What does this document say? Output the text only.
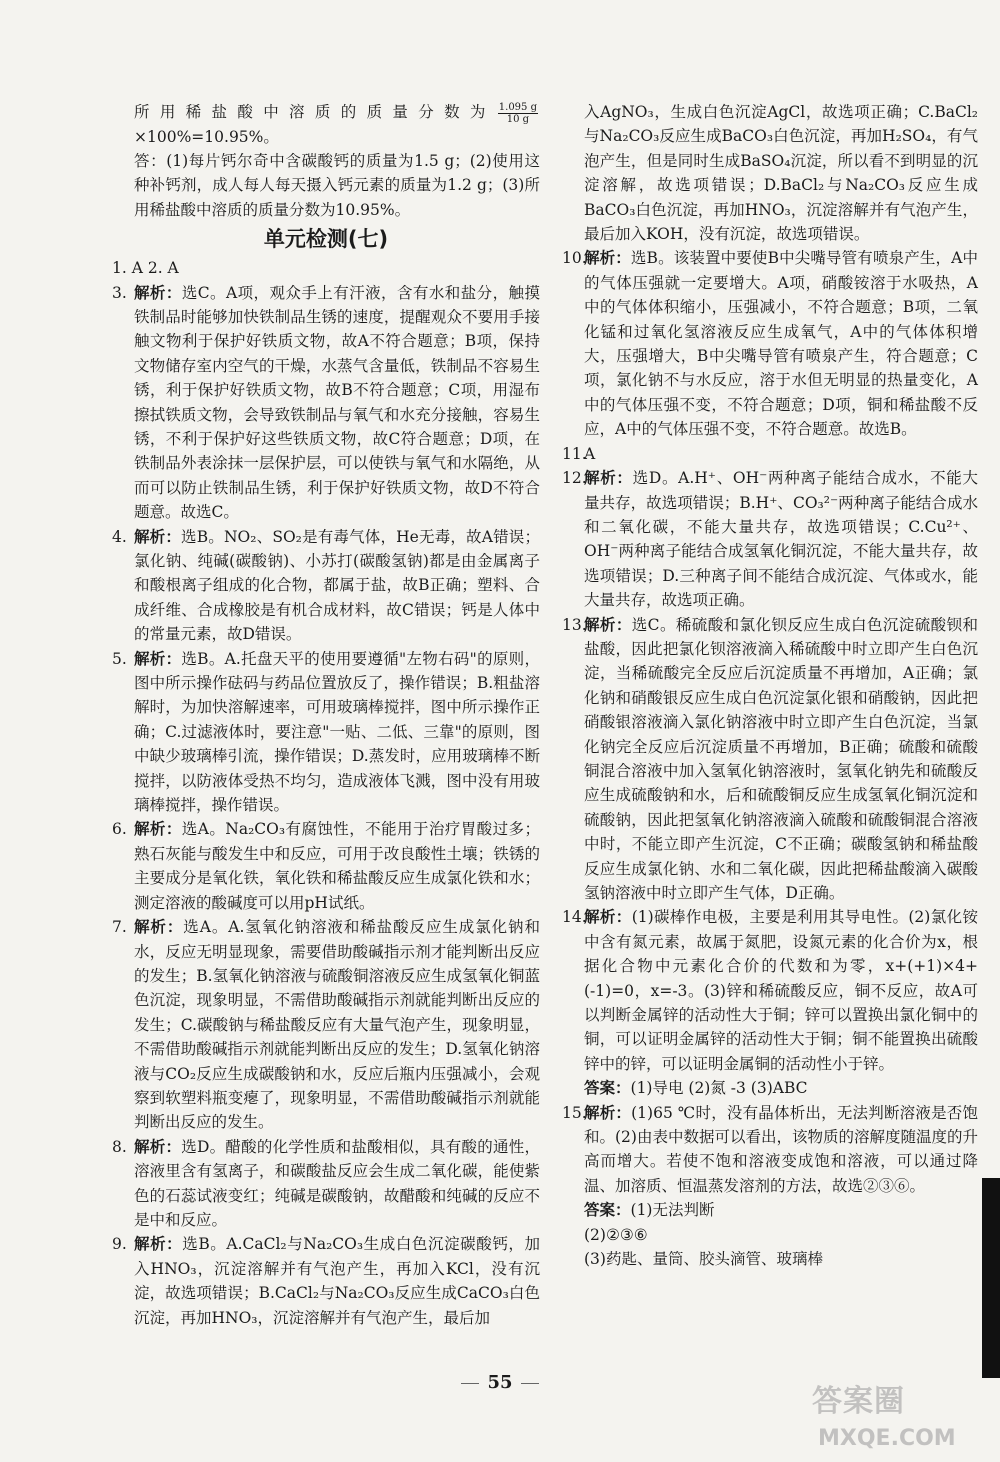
所用稀盐酸中溶质的质量分数为 $\frac{1.095 g}{10 g}$
×100%=10.95%。

答：(1)每片钙尔奇中含碳酸钙的质量为1.5 g；(2)使用这种补钙剂，成人每人每天摄入钙元素的质量为1.2 g；(3)所用稀盐酸中溶质的质量分数为10.95%。

单元检测(七)

1. A 2. A

3. 解析：选C。A项，观众手上有汗液，含有水和盐分，触摸铁制品时能够加快铁制品生锈的速度，提醒观众不要用手接触文物利于保护好铁质文物，故A不符合题意；B项，保持文物储存室内空气的干燥，水蒸气含量低，铁制品不容易生锈，利于保护好铁质文物，故B不符合题意；C项，用湿布擦拭铁质文物，会导致铁制品与氧气和水充分接触，容易生锈，不利于保护好这些铁质文物，故C符合题意；D项，在铁制品外表涂抹一层保护层，可以使铁与氧气和水隔绝，从而可以防止铁制品生锈，利于保护好铁质文物，故D不符合题意。故选C。
4. 解析：选B。NO₂、SO₂是有毒气体，He无毒，故A错误；氯化钠、纯碱(碳酸钠)、小苏打(碳酸氢钠)都是由金属离子和酸根离子组成的化合物，都属于盐，故B正确；塑料、合成纤维、合成橡胶是有机合成材料，故C错误；钙是人体中的常量元素，故D错误。
5. 解析：选B。A.托盘天平的使用要遵循"左物右码"的原则，图中所示操作砝码与药品位置放反了，操作错误；B.粗盐溶解时，为加快溶解速率，可用玻璃棒搅拌，图中所示操作正确；C.过滤液体时，要注意"一贴、二低、三靠"的原则，图中缺少玻璃棒引流，操作错误；D.蒸发时，应用玻璃棒不断搅拌，以防液体受热不均匀，造成液体飞溅，图中没有用玻璃棒搅拌，操作错误。
6. 解析：选A。Na₂CO₃有腐蚀性，不能用于治疗胃酸过多；熟石灰能与酸发生中和反应，可用于改良酸性土壤；铁锈的主要成分是氧化铁，氧化铁和稀盐酸反应生成氯化铁和水；测定溶液的酸碱度可以用pH试纸。
7. 解析：选A。A.氢氧化钠溶液和稀盐酸反应生成氯化钠和水，反应无明显现象，需要借助酸碱指示剂才能判断出反应的发生；B.氢氧化钠溶液与硫酸铜溶液反应生成氢氧化铜蓝色沉淀，现象明显，不需借助酸碱指示剂就能判断出反应的发生；C.碳酸钠与稀盐酸反应有大量气泡产生，现象明显，不需借助酸碱指示剂就能判断出反应的发生；D.氢氧化钠溶液与CO₂反应生成碳酸钠和水，反应后瓶内压强减小，会观察到软塑料瓶变瘪了，现象明显，不需借助酸碱指示剂就能判断出反应的发生。
8. 解析：选D。醋酸的化学性质和盐酸相似，具有酸的通性，溶液里含有氢离子，和碳酸盐反应会生成二氧化碳，能使紫色的石蕊试液变红；纯碱是碳酸钠，故醋酸和纯碱的反应不是中和反应。
9. 解析：选B。A.CaCl₂与Na₂CO₃生成白色沉淀碳酸钙，加入HNO₃，沉淀溶解并有气泡产生，再加入KCl，没有沉淀，故选项错误；B.CaCl₂与Na₂CO₃反应生成CaCO₃白色沉淀，再加HNO₃，沉淀溶解并有气泡产生，最后加

入AgNO₃，生成白色沉淀AgCl，故选项正确；C.BaCl₂与Na₂CO₃反应生成BaCO₃白色沉淀，再加H₂SO₄，有气泡产生，但是同时生成BaSO₄沉淀，所以看不到明显的沉淀溶解，故选项错误；D.BaCl₂与Na₂CO₃反应生成BaCO₃白色沉淀，再加HNO₃，沉淀溶解并有气泡产生，最后加入KOH，没有沉淀，故选项错误。

10.
解析：选B。该装置中要使B中尖嘴导管有喷泉产生，A中的气体压强就一定要增大。A项，硝酸铵溶于水吸热，A中的气体体积缩小，压强减小，不符合题意；B项，二氧化锰和过氧化氢溶液反应生成氧气，A中的气体体积增大，压强增大，B中尖嘴导管有喷泉产生，符合题意；C项，氯化钠不与水反应，溶于水但无明显的热量变化，A中的气体压强不变，不符合题意；D项，铜和稀盐酸不反应，A中的气体压强不变，不符合题意。故选B。
11.
A
12.
解析：选D。A.H⁺、OH⁻两种离子能结合成水，不能大量共存，故选项错误；B.H⁺、CO₃²⁻两种离子能结合成水和二氧化碳，不能大量共存，故选项错误；C.Cu²⁺、OH⁻两种离子能结合成氢氧化铜沉淀，不能大量共存，故选项错误；D.三种离子间不能结合成沉淀、气体或水，能大量共存，故选项正确。
13.
解析：选C。稀硫酸和氯化钡反应生成白色沉淀硫酸钡和盐酸，因此把氯化钡溶液滴入稀硫酸中时立即产生白色沉淀，当稀硫酸完全反应后沉淀质量不再增加，A正确；氯化钠和硝酸银反应生成白色沉淀氯化银和硝酸钠，因此把硝酸银溶液滴入氯化钠溶液中时立即产生白色沉淀，当氯化钠完全反应后沉淀质量不再增加，B正确；硫酸和硫酸铜混合溶液中加入氢氧化钠溶液时，氢氧化钠先和硫酸反应生成硫酸钠和水，后和硫酸铜反应生成氢氧化铜沉淀和硫酸钠，因此把氢氧化钠溶液滴入硫酸和硫酸铜混合溶液中时，不能立即产生沉淀，C不正确；碳酸氢钠和稀盐酸反应生成氯化钠、水和二氧化碳，因此把稀盐酸滴入碳酸氢钠溶液中时立即产生气体，D正确。
14.
解析：(1)碳棒作电极，主要是利用其导电性。(2)氯化铵中含有氮元素，故属于氮肥，设氮元素的化合价为x，根据化合物中元素化合价的代数和为零，x+(+1)×4+(-1)=0，x=-3。(3)锌和稀硫酸反应，铜不反应，故A可以判断金属锌的活动性大于铜；锌可以置换出氯化铜中的铜，可以证明金属锌的活动性大于铜；铜不能置换出硫酸锌中的锌，可以证明金属铜的活动性小于锌。

答案：(1)导电 (2)氮 -3 (3)ABC

15.
解析：(1)65 ℃时，没有晶体析出，无法判断溶液是否饱和。(2)由表中数据可以看出，该物质的溶解度随温度的升高而增大。若使不饱和溶液变成饱和溶液，可以通过降温、加溶质、恒温蒸发溶剂的方法，故选②③⑥。

答案：(1)无法判断

(2)②③⑥

(3)药匙、量筒、胶头滴管、玻璃棒

55
答案圈
MXQE.COM
